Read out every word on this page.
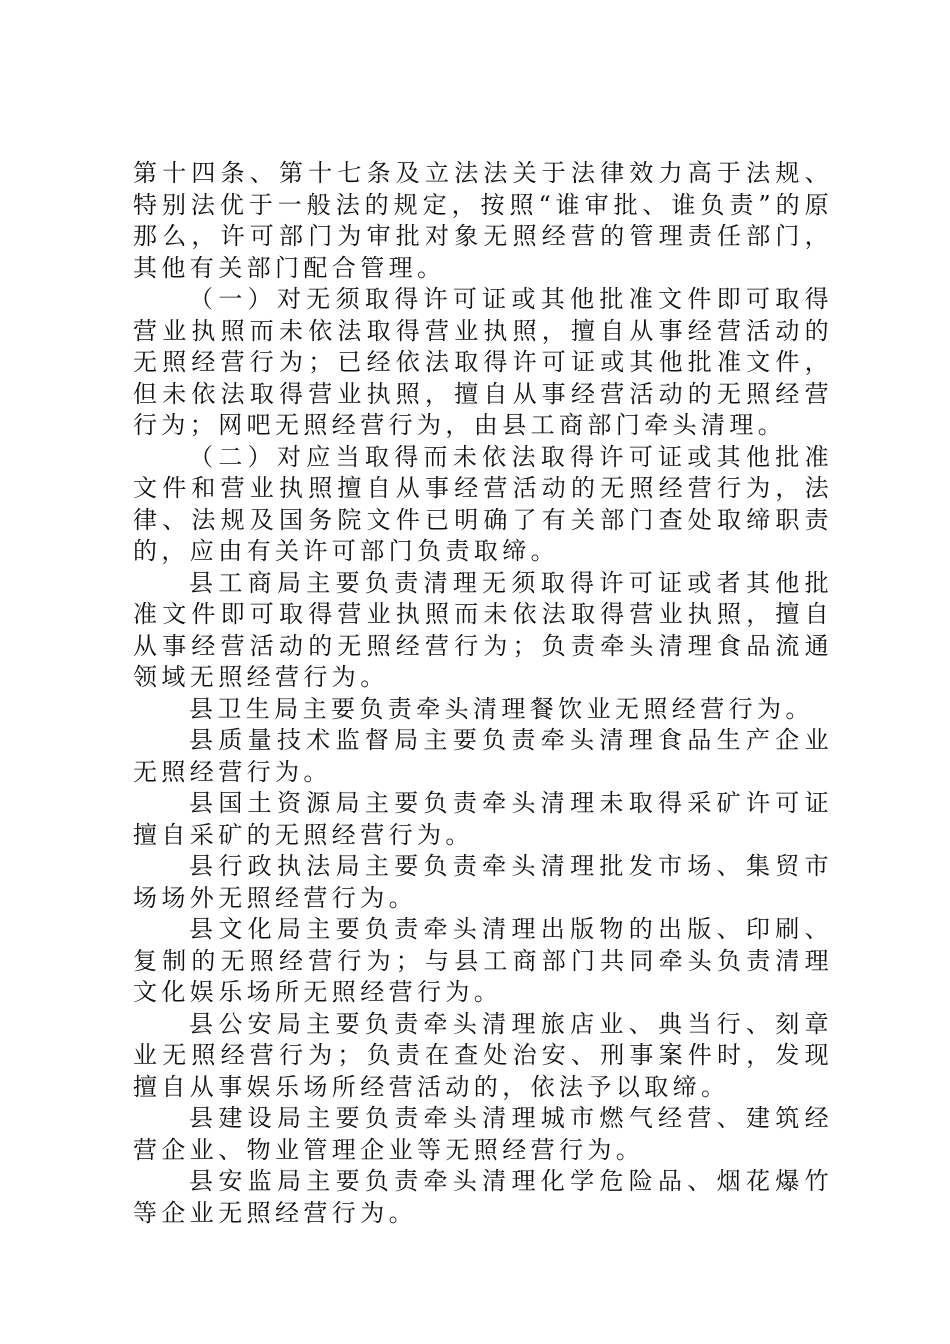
第十四条、第十七条及立法法关于法律效力高于法规、特别法优于一般法的规定，按照“谁审批、谁负责”的原那么，许可部门为审批对象无照经营的管理责任部门，其他有关部门配合管理。

（一）对无须取得许可证或其他批准文件即可取得营业执照而未依法取得营业执照，擅自从事经营活动的无照经营行为；已经依法取得许可证或其他批准文件，但未依法取得营业执照，擅自从事经营活动的无照经营行为；网吧无照经营行为，由县工商部门牵头清理。

（二）对应当取得而未依法取得许可证或其他批准文件和营业执照擅自从事经营活动的无照经营行为，法律、法规及国务院文件已明确了有关部门查处取缔职责的，应由有关许可部门负责取缔。

县工商局主要负责清理无须取得许可证或者其他批准文件即可取得营业执照而未依法取得营业执照，擅自从事经营活动的无照经营行为；负责牵头清理食品流通领域无照经营行为。

县卫生局主要负责牵头清理餐饮业无照经营行为。

县质量技术监督局主要负责牵头清理食品生产企业无照经营行为。

县国土资源局主要负责牵头清理未取得采矿许可证擅自采矿的无照经营行为。

县行政执法局主要负责牵头清理批发市场、集贸市场场外无照经营行为。

县文化局主要负责牵头清理出版物的出版、印刷、复制的无照经营行为；与县工商部门共同牵头负责清理文化娱乐场所无照经营行为。

县公安局主要负责牵头清理旅店业、典当行、刻章业无照经营行为；负责在查处治安、刑事案件时，发现擅自从事娱乐场所经营活动的，依法予以取缔。

县建设局主要负责牵头清理城市燃气经营、建筑经营企业、物业管理企业等无照经营行为。

县安监局主要负责牵头清理化学危险品、烟花爆竹等企业无照经营行为。
